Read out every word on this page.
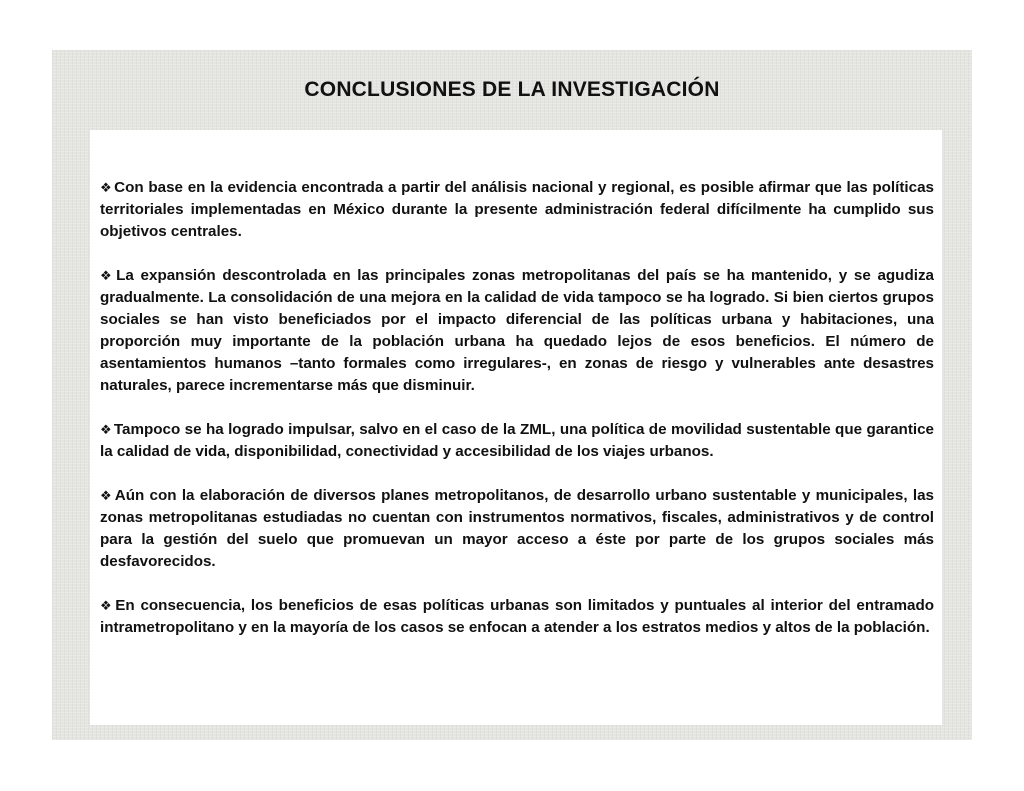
CONCLUSIONES DE LA INVESTIGACIÓN

❖ Con base en la evidencia encontrada a partir del análisis nacional y regional, es posible afirmar que las políticas territoriales implementadas en México durante la presente administración federal difícilmente ha cumplido sus objetivos centrales.

❖ La expansión descontrolada en las principales zonas metropolitanas del país se ha mantenido, y se agudiza gradualmente. La consolidación de una mejora en la calidad de vida tampoco se ha logrado. Si bien ciertos grupos sociales se han visto beneficiados por el impacto diferencial de las políticas urbana y habitaciones, una proporción muy importante de la población urbana ha quedado lejos de esos beneficios. El número de asentamientos humanos –tanto formales como irregulares-, en zonas de riesgo y vulnerables ante desastres naturales, parece incrementarse más que disminuir.

❖ Tampoco se ha logrado impulsar, salvo en el caso de la ZML, una política de movilidad sustentable que garantice la calidad de vida, disponibilidad, conectividad y accesibilidad de los viajes urbanos.

❖ Aún con la elaboración de diversos planes metropolitanos, de desarrollo urbano sustentable y municipales, las zonas metropolitanas estudiadas no cuentan con instrumentos normativos, fiscales, administrativos y de control para la gestión del suelo que promuevan un mayor acceso a éste por parte de los grupos sociales más desfavorecidos.

❖ En consecuencia, los beneficios de esas políticas urbanas son limitados y puntuales al interior del entramado intrametropolitano y en la mayoría de los casos se enfocan a atender a los estratos medios y altos de la población.
